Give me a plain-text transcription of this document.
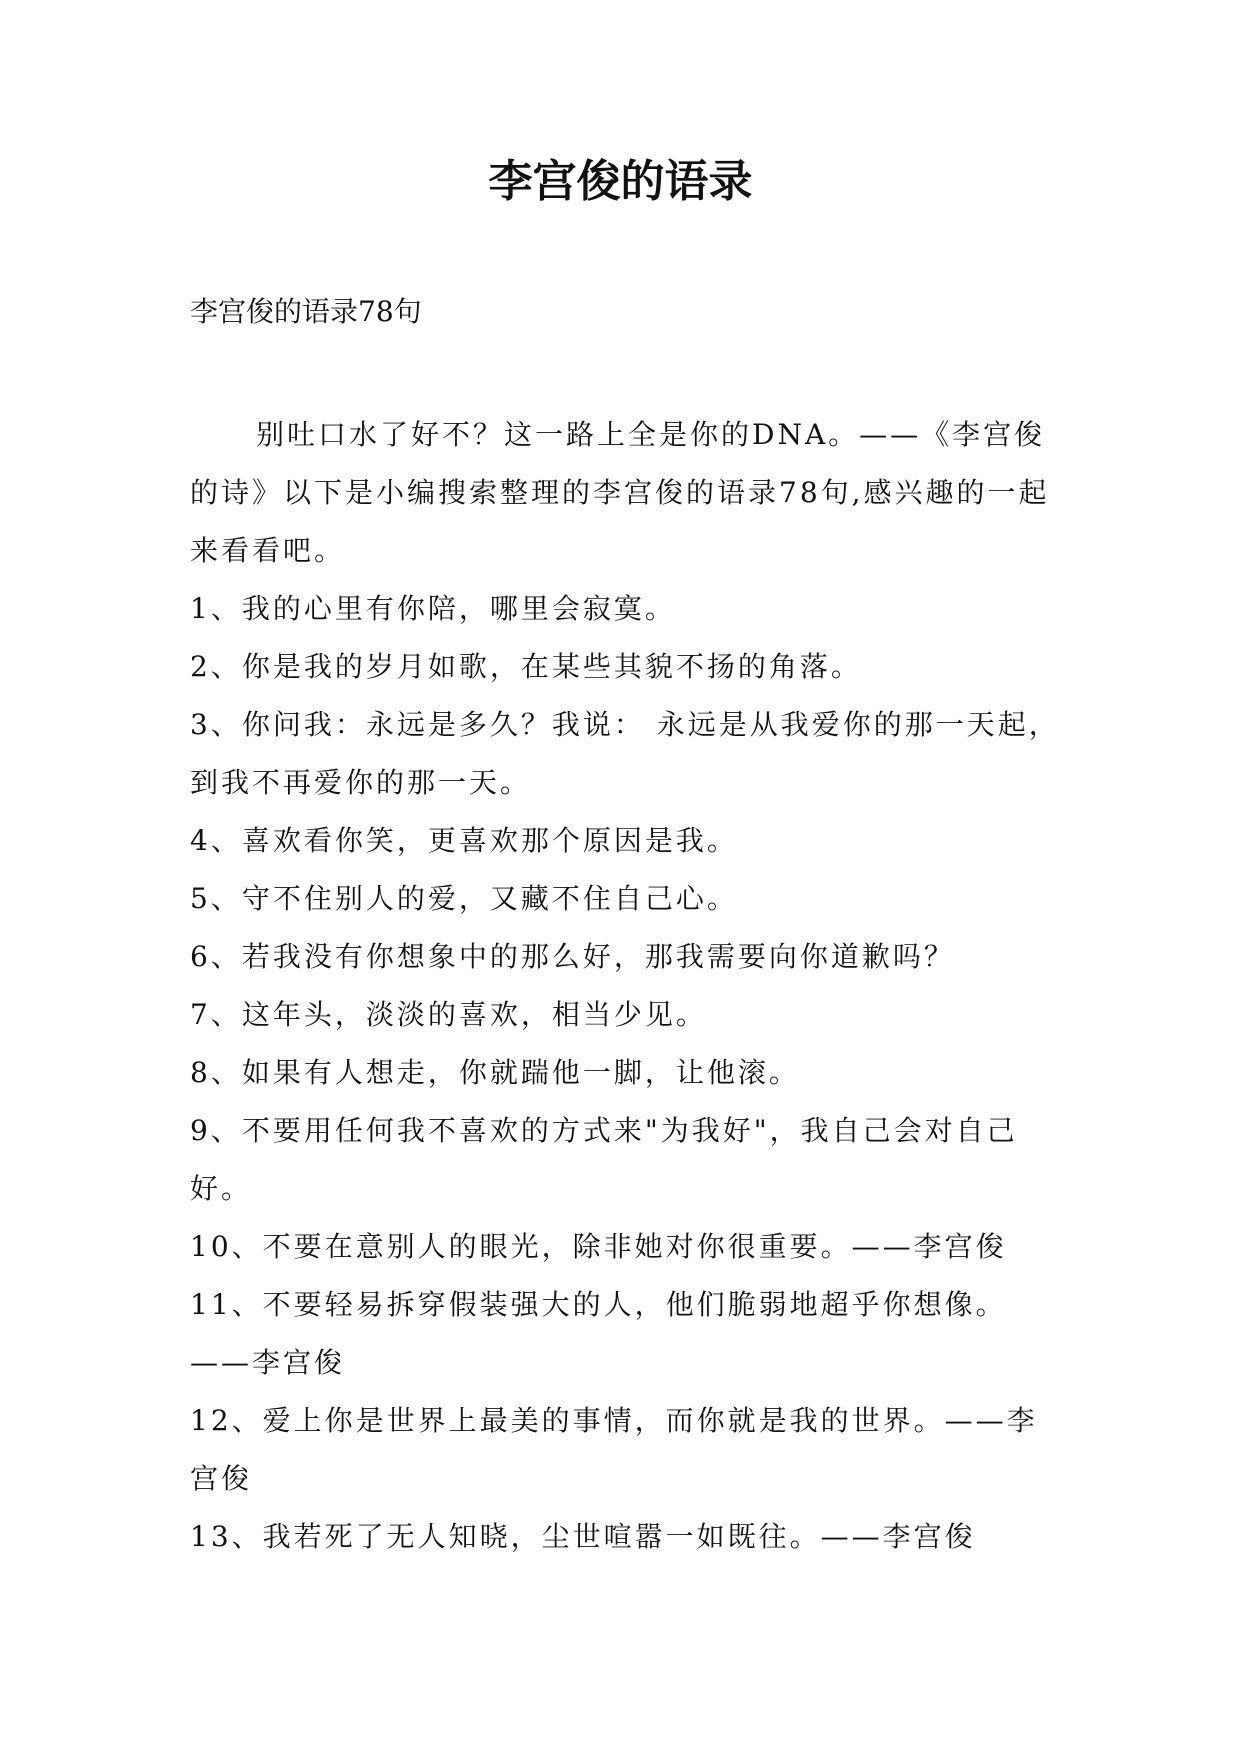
李宫俊的语录

李宫俊的语录78句

别吐口水了好不？这一路上全是你的DNA。——《李宫俊的诗》以下是小编搜索整理的李宫俊的语录78句,感兴趣的一起来看看吧。

1、我的心里有你陪，哪里会寂寞。

2、你是我的岁月如歌，在某些其貌不扬的角落。

3、你问我：永远是多久？我说： 永远是从我爱你的那一天起，到我不再爱你的那一天。

4、喜欢看你笑，更喜欢那个原因是我。

5、守不住别人的爱，又藏不住自己心。

6、若我没有你想象中的那么好，那我需要向你道歉吗？

7、这年头，淡淡的喜欢，相当少见。

8、如果有人想走，你就踹他一脚，让他滚。

9、不要用任何我不喜欢的方式来"为我好"，我自己会对自己好。

10、不要在意别人的眼光，除非她对你很重要。——李宫俊

11、不要轻易拆穿假装强大的人，他们脆弱地超乎你想像。——李宫俊

12、爱上你是世界上最美的事情，而你就是我的世界。——李宫俊

13、我若死了无人知晓，尘世喧嚣一如既往。——李宫俊
